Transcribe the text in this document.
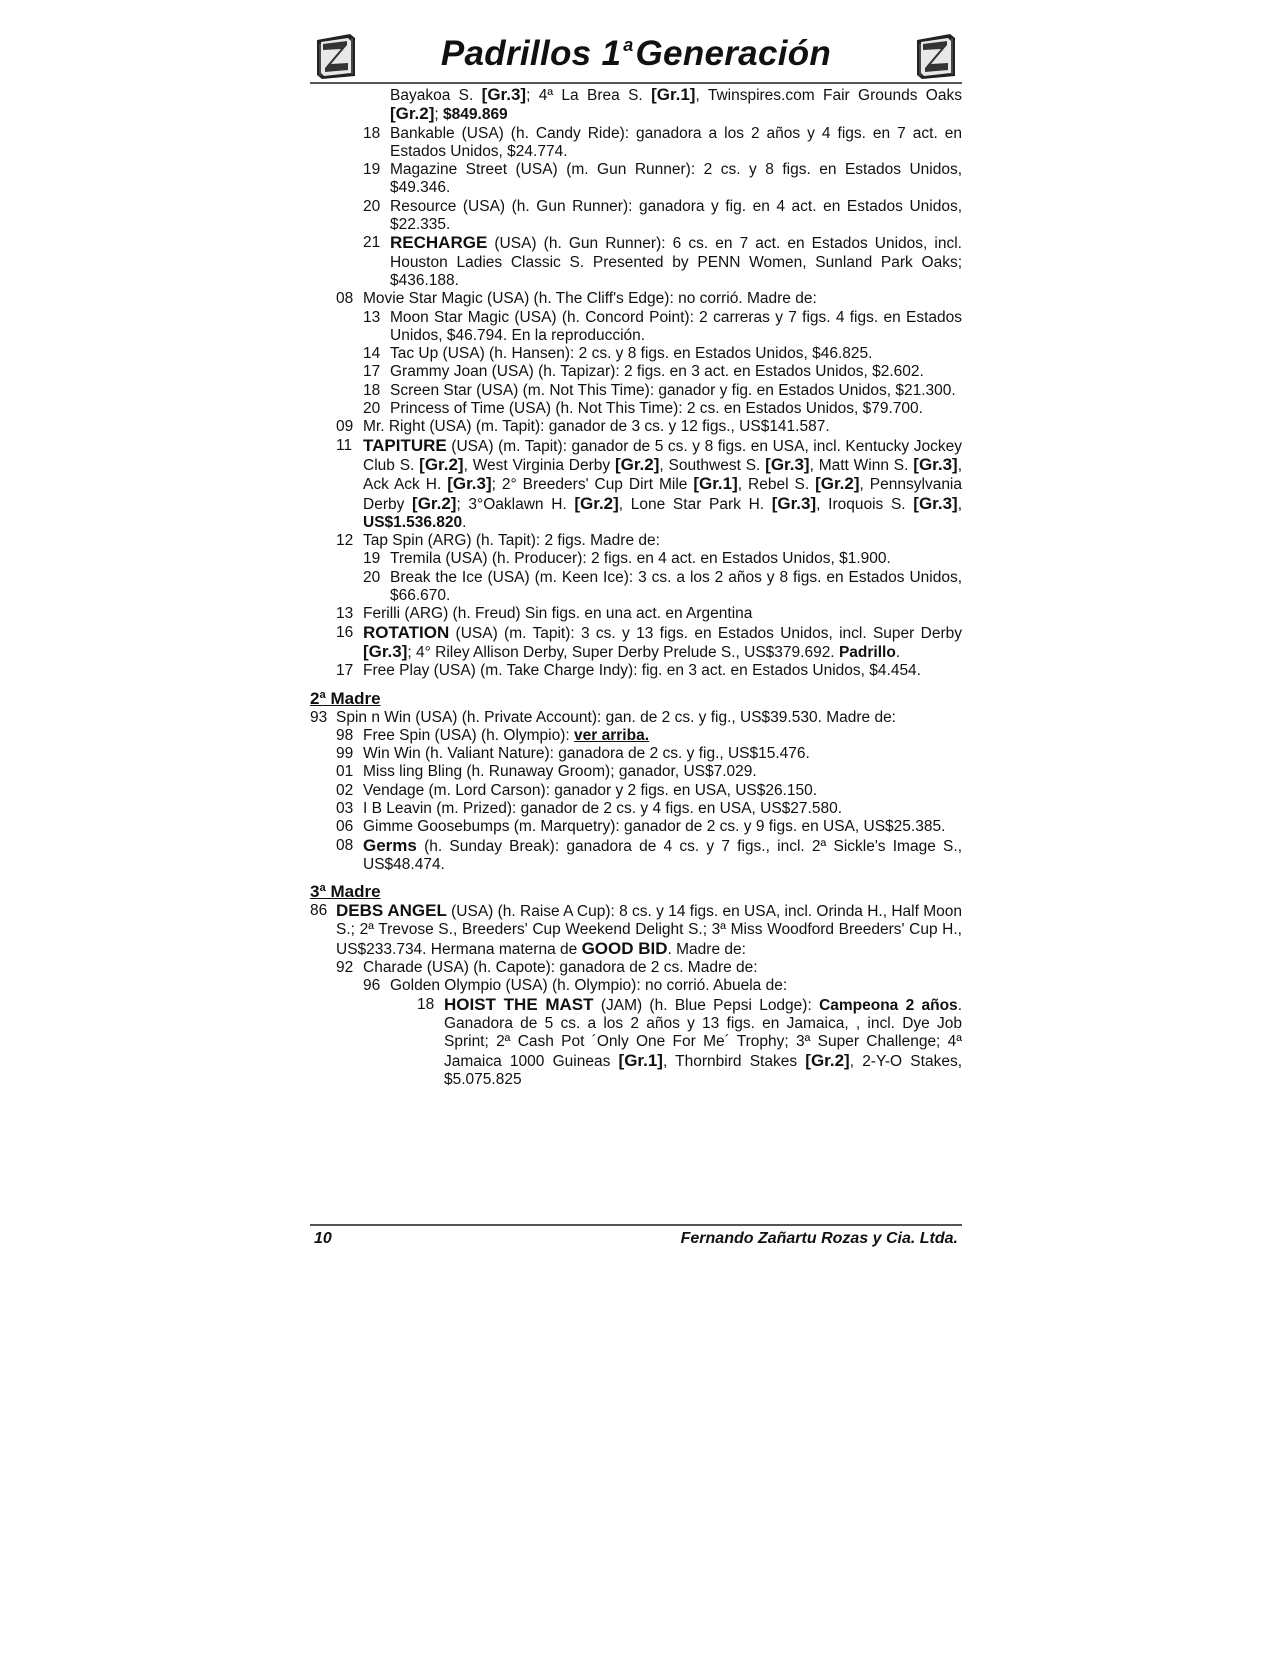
Padrillos 1 $^a$Generación
Bayakoa S. [Gr.3]; 4ª La Brea S. [Gr.1], Twinspires.com Fair Grounds Oaks [Gr.2]; $849.869
18 Bankable (USA) (h. Candy Ride): ganadora a los 2 años y 4 figs. en 7 act. en Estados Unidos, $24.774.
19 Magazine Street (USA) (m. Gun Runner): 2 cs. y 8 figs. en Estados Unidos, $49.346.
20 Resource (USA) (h. Gun Runner): ganadora y fig. en 4 act. en Estados Unidos, $22.335.
21 RECHARGE (USA) (h. Gun Runner): 6 cs. en 7 act. en Estados Unidos, incl. Houston Ladies Classic S. Presented by PENN Women, Sunland Park Oaks; $436.188.
08 Movie Star Magic (USA) (h. The Cliff's Edge): no corrió. Madre de:
13 Moon Star Magic (USA) (h. Concord Point): 2 carreras y 7 figs. 4 figs. en Estados Unidos, $46.794. En la reproducción.
14 Tac Up (USA) (h. Hansen): 2 cs. y 8 figs. en Estados Unidos, $46.825.
17 Grammy Joan (USA) (h. Tapizar): 2 figs. en 3 act. en Estados Unidos, $2.602.
18 Screen Star (USA) (m. Not This Time): ganador y fig. en Estados Unidos, $21.300.
20 Princess of Time (USA) (h. Not This Time): 2 cs. en Estados Unidos, $79.700.
09 Mr. Right (USA) (m. Tapit): ganador de 3 cs. y 12 figs., US$141.587.
11 TAPITURE (USA) (m. Tapit): ganador de 5 cs. y 8 figs. en USA, incl. Kentucky Jockey Club S. [Gr.2], West Virginia Derby [Gr.2], Southwest S. [Gr.3], Matt Winn S. [Gr.3], Ack Ack H. [Gr.3]; 2° Breeders' Cup Dirt Mile [Gr.1], Rebel S. [Gr.2], Pennsylvania Derby [Gr.2]; 3°Oaklawn H. [Gr.2], Lone Star Park H. [Gr.3], Iroquois S. [Gr.3], US$1.536.820.
12 Tap Spin (ARG) (h. Tapit): 2 figs. Madre de:
19 Tremila (USA) (h. Producer): 2 figs. en 4 act. en Estados Unidos, $1.900.
20 Break the Ice (USA) (m. Keen Ice): 3 cs. a los 2 años y 8 figs. en Estados Unidos, $66.670.
13 Ferilli (ARG) (h. Freud) Sin figs. en una act. en Argentina
16 ROTATION (USA) (m. Tapit): 3 cs. y 13 figs. en Estados Unidos, incl. Super Derby [Gr.3]; 4° Riley Allison Derby, Super Derby Prelude S., US$379.692. Padrillo.
17 Free Play (USA) (m. Take Charge Indy): fig. en 3 act. en Estados Unidos, $4.454.
2ª Madre
93 Spin n Win (USA) (h. Private Account): gan. de 2 cs. y fig., US$39.530. Madre de:
98 Free Spin (USA) (h. Olympio): ver arriba.
99 Win Win (h. Valiant Nature): ganadora de 2 cs. y fig., US$15.476.
01 Miss ling Bling (h. Runaway Groom); ganador, US$7.029.
02 Vendage (m. Lord Carson): ganador y 2 figs. en USA, US$26.150.
03 I B Leavin (m. Prized): ganador de 2 cs. y 4 figs. en USA, US$27.580.
06 Gimme Goosebumps (m. Marquetry): ganador de 2 cs. y 9 figs. en USA, US$25.385.
08 Germs (h. Sunday Break): ganadora de 4 cs. y 7 figs., incl. 2ª Sickle's Image S., US$48.474.
3ª Madre
86 DEBS ANGEL (USA) (h. Raise A Cup): 8 cs. y 14 figs. en USA, incl. Orinda H., Half Moon S.; 2ª Trevose S., Breeders' Cup Weekend Delight S.; 3ª Miss Woodford Breeders' Cup H., US$233.734. Hermana materna de GOOD BID. Madre de:
92 Charade (USA) (h. Capote): ganadora de 2 cs. Madre de:
96 Golden Olympio (USA) (h. Olympio): no corrió. Abuela de:
18 HOIST THE MAST (JAM) (h. Blue Pepsi Lodge): Campeona 2 años. Ganadora de 5 cs. a los 2 años y 13 figs. en Jamaica, , incl. Dye Job Sprint; 2ª Cash Pot ´Only One For Me´ Trophy; 3ª Super Challenge; 4ª Jamaica 1000 Guineas [Gr.1], Thornbird Stakes [Gr.2], 2-Y-O Stakes, $5.075.825
10	Fernando Zañartu Rozas y Cia. Ltda.
